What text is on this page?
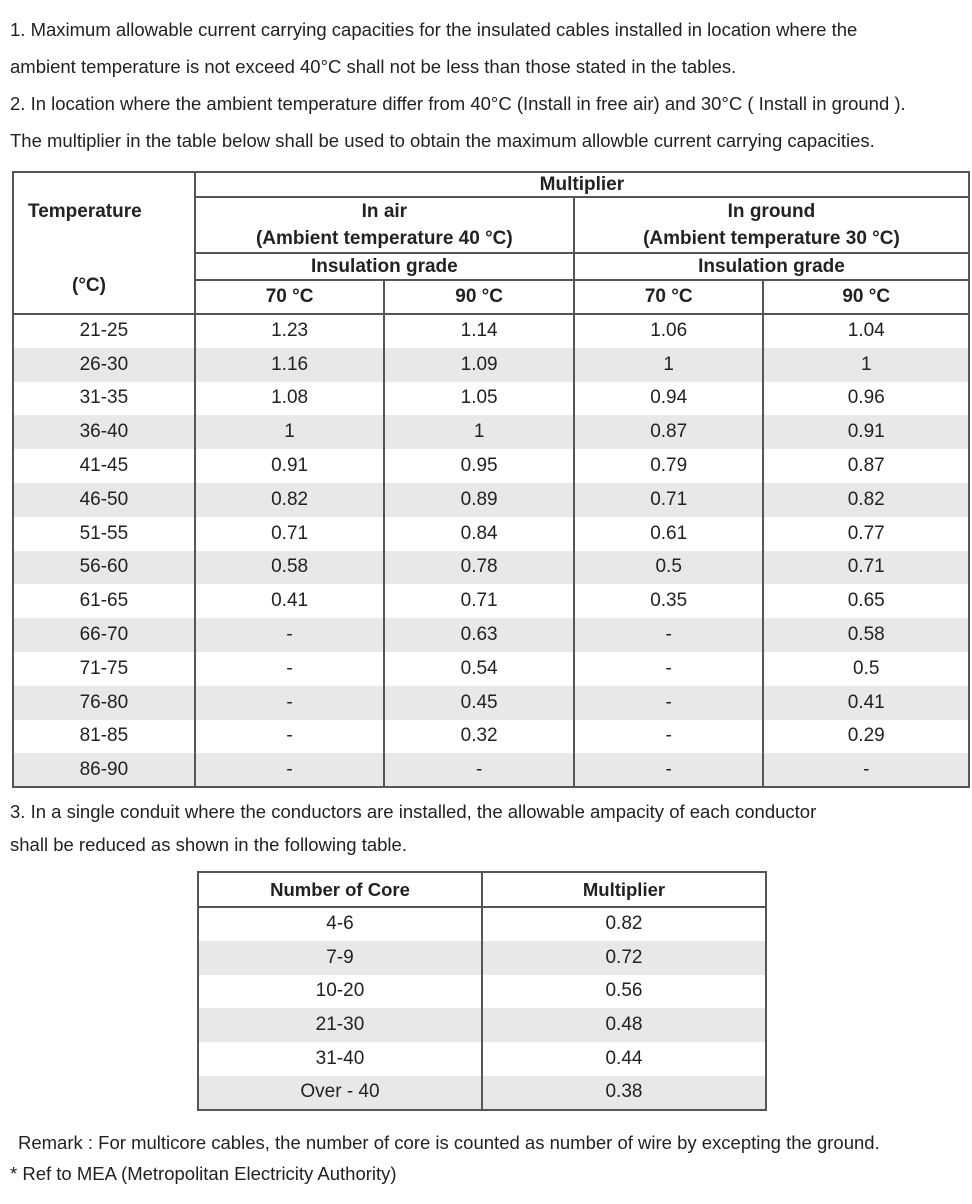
1. Maximum allowable current carrying capacities for the insulated cables installed in location where the
ambient temperature is not exceed 40°C shall not be less than those stated in the tables.
2. In location where the ambient temperature differ from 40°C (Install in free air) and 30°C ( Install in ground ).
The multiplier in the table below shall be used to obtain the maximum allowble current carrying capacities.
Temperature
(°C)	Multiplier			
	In air		In ground	
	(Ambient temperature 40 °C)		(Ambient temperature 30 °C)	
	Insulation grade		Insulation grade	
	70 °C	90 °C	70 °C	90 °C
21-25	1.23	1.14	1.06	1.04
26-30	1.16	1.09	1	1
31-35	1.08	1.05	0.94	0.96
36-40	1	1	0.87	0.91
41-45	0.91	0.95	0.79	0.87
46-50	0.82	0.89	0.71	0.82
51-55	0.71	0.84	0.61	0.77
56-60	0.58	0.78	0.5	0.71
61-65	0.41	0.71	0.35	0.65
66-70	-	0.63	-	0.58
71-75	-	0.54	-	0.5
76-80	-	0.45	-	0.41
81-85	-	0.32	-	0.29
86-90	-	-	-	-
3. In a single conduit where the conductors are installed, the allowable ampacity of each conductor
shall be reduced as shown in the following table.
Number of Core	Multiplier
4-6	0.82
7-9	0.72
10-20	0.56
21-30	0.48
31-40	0.44
Over - 40	0.38
Remark : For multicore cables, the number of core is counted as number of wire by excepting the ground.
* Ref to MEA (Metropolitan Electricity Authority)
